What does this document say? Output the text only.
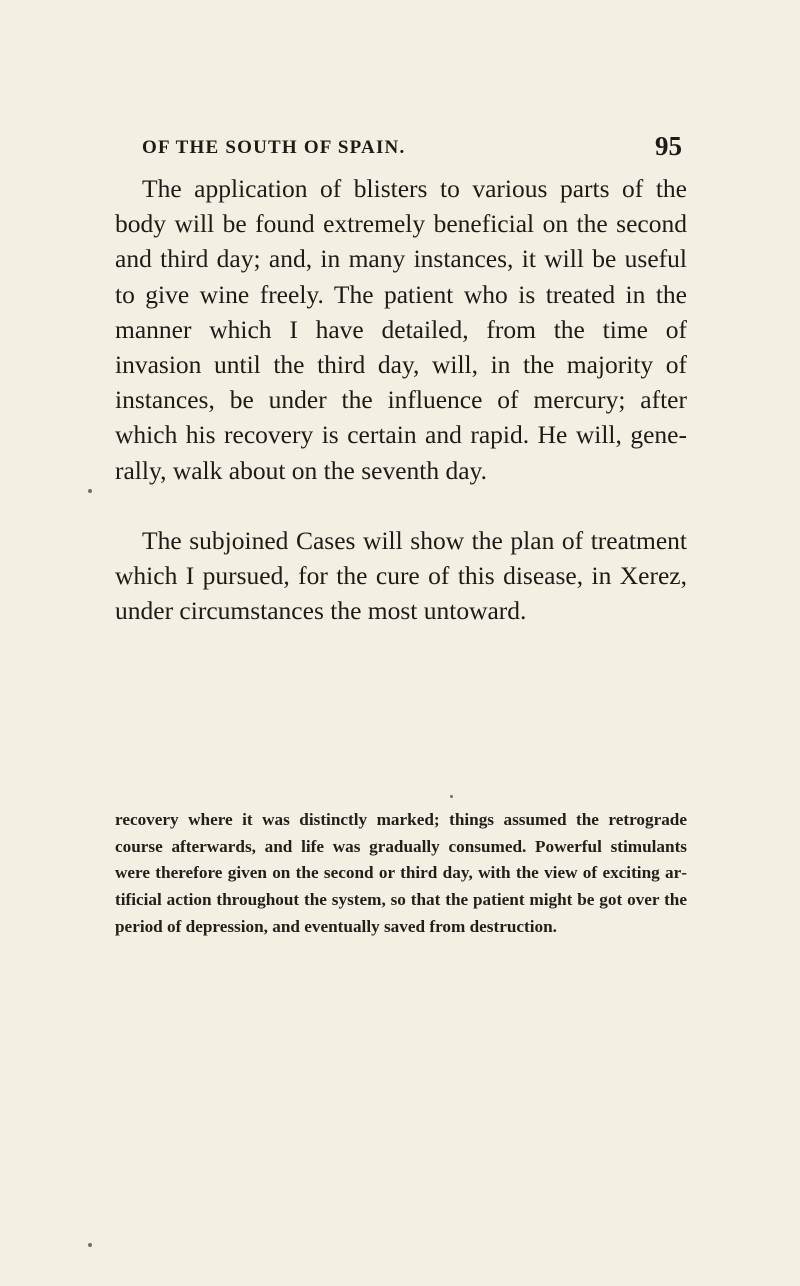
OF THE SOUTH OF SPAIN.	95

The application of blisters to various parts of the body will be found extremely beneficial on the second and third day; and, in many instances, it will be useful to give wine freely. The patient who is treated in the manner which I have detailed, from the time of invasion until the third day, will, in the majority of instances, be under the influence of mercury; after which his recovery is certain and rapid. He will, generally, walk about on the seventh day.

The subjoined Cases will show the plan of treatment which I pursued, for the cure of this disease, in Xerez, under circumstances the most untoward.

recovery where it was distinctly marked; things assumed the retrograde course afterwards, and life was gradually consumed. Powerful stimulants were therefore given on the second or third day, with the view of exciting artificial action throughout the system, so that the patient might be got over the period of depression, and eventually saved from destruction.
